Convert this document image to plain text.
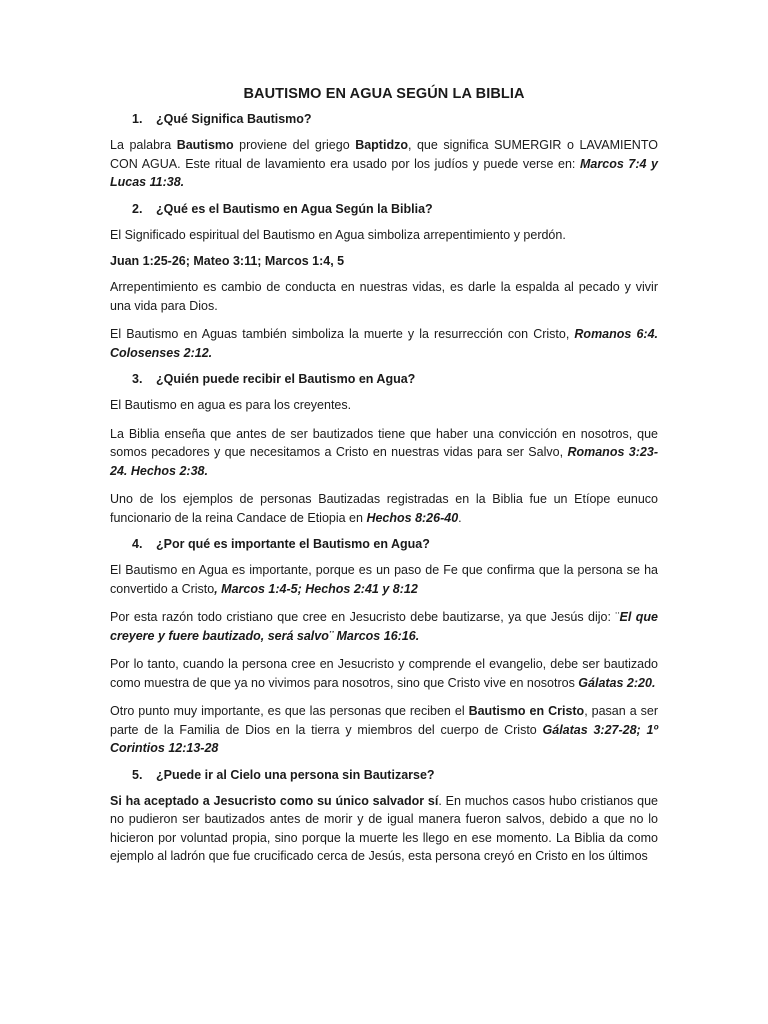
BAUTISMO EN AGUA SEGÚN LA BIBLIA
1. ¿Qué Significa Bautismo?

La palabra Bautismo proviene del griego Baptidzo, que significa SUMERGIR o LAVAMIENTO CON AGUA. Este ritual de lavamiento era usado por los judíos y puede verse en: Marcos 7:4 y Lucas 11:38.

2. ¿Qué es el Bautismo en Agua Según la Biblia?

El Significado espiritual del Bautismo en Agua simboliza arrepentimiento y perdón.

Juan 1:25-26; Mateo 3:11; Marcos 1:4, 5

Arrepentimiento es cambio de conducta en nuestras vidas, es darle la espalda al pecado y vivir una vida para Dios.

El Bautismo en Aguas también simboliza la muerte y la resurrección con Cristo, Romanos 6:4. Colosenses 2:12.

3. ¿Quién puede recibir el Bautismo en Agua?

El Bautismo en agua es para los creyentes.

La Biblia enseña que antes de ser bautizados tiene que haber una convicción en nosotros, que somos pecadores y que necesitamos a Cristo en nuestras vidas para ser Salvo, Romanos 3:23-24. Hechos 2:38.

Uno de los ejemplos de personas Bautizadas registradas en la Biblia fue un Etíope eunuco funcionario de la reina Candace de Etiopia en Hechos 8:26-40.

4. ¿Por qué es importante el Bautismo en Agua?

El Bautismo en Agua es importante, porque es un paso de Fe que confirma que la persona se ha convertido a Cristo, Marcos 1:4-5; Hechos 2:41 y 8:12

Por esta razón todo cristiano que cree en Jesucristo debe bautizarse, ya que Jesús dijo: ¨El que creyere y fuere bautizado, será salvo¨ Marcos 16:16.

Por lo tanto, cuando la persona cree en Jesucristo y comprende el evangelio, debe ser bautizado como muestra de que ya no vivimos para nosotros, sino que Cristo vive en nosotros Gálatas 2:20.

Otro punto muy importante, es que las personas que reciben el Bautismo en Cristo, pasan a ser parte de la Familia de Dios en la tierra y miembros del cuerpo de Cristo Gálatas 3:27-28; 1º Corintios 12:13-28

5. ¿Puede ir al Cielo una persona sin Bautizarse?

Si ha aceptado a Jesucristo como su único salvador sí. En muchos casos hubo cristianos que no pudieron ser bautizados antes de morir y de igual manera fueron salvos, debido a que no lo hicieron por voluntad propia, sino porque la muerte les llego en ese momento. La Biblia da como ejemplo al ladrón que fue crucificado cerca de Jesús, esta persona creyó en Cristo en los últimos
